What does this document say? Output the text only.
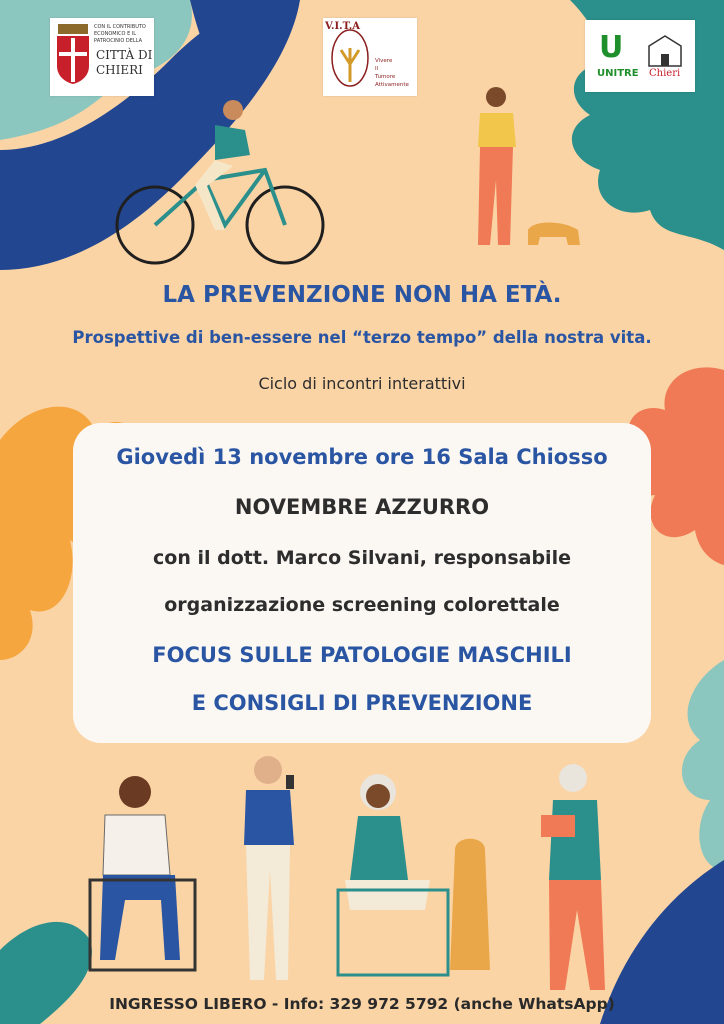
CON IL CONTRIBUTO
ECONOMICO E IL
PATROCINIO DELLA
CITTÀ DI
CHIERI
V.I.T.A
Vivere
Il
Tumore
Attivamente
U
UNITRE Chieri
LA PREVENZIONE NON HA ETÀ.
Prospettive di ben-essere nel “terzo tempo” della nostra vita.
Ciclo di incontri interattivi
Giovedì 13 novembre ore 16 Sala Chiosso
NOVEMBRE AZZURRO
con il dott. Marco Silvani, responsabile
organizzazione screening colorettale
FOCUS SULLE PATOLOGIE MASCHILI
E CONSIGLI DI PREVENZIONE
INGRESSO LIBERO - Info: 329 972 5792 (anche WhatsApp)
